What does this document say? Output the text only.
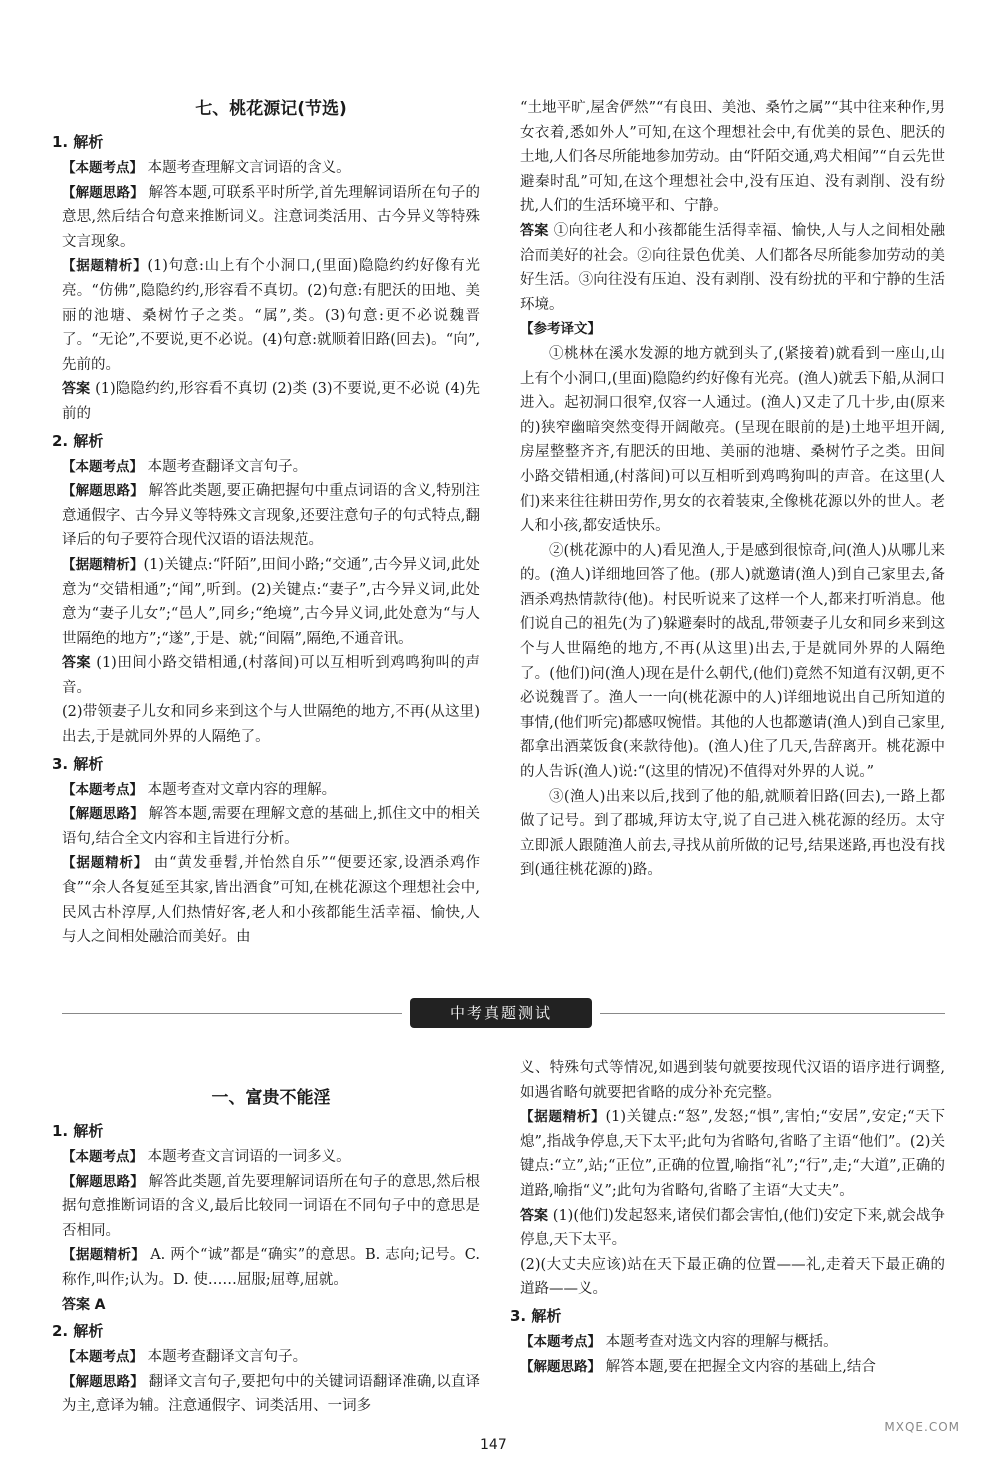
七、桃花源记(节选)
1. 解析

【本题考点】 本题考查理解文言词语的含义。

【解题思路】 解答本题,可联系平时所学,首先理解词语所在句子的意思,然后结合句意来推断词义。注意词类活用、古今异义等特殊文言现象。

【据题精析】(1)句意:山上有个小洞口,(里面)隐隐约约好像有光亮。“仿佛”,隐隐约约,形容看不真切。(2)句意:有肥沃的田地、美丽的池塘、桑树竹子之类。“属”,类。(3)句意:更不必说魏晋了。“无论”,不要说,更不必说。(4)句意:就顺着旧路(回去)。“向”,先前的。

答案 (1)隐隐约约,形容看不真切 (2)类 (3)不要说,更不必说 (4)先前的

2. 解析

【本题考点】 本题考查翻译文言句子。

【解题思路】 解答此类题,要正确把握句中重点词语的含义,特别注意通假字、古今异义等特殊文言现象,还要注意句子的句式特点,翻译后的句子要符合现代汉语的语法规范。

【据题精析】(1)关键点:“阡陌”,田间小路;“交通”,古今异义词,此处意为“交错相通”;“闻”,听到。(2)关键点:“妻子”,古今异义词,此处意为“妻子儿女”;“邑人”,同乡;“绝境”,古今异义词,此处意为“与人世隔绝的地方”;“遂”,于是、就;“间隔”,隔绝,不通音讯。

答案 (1)田间小路交错相通,(村落间)可以互相听到鸡鸣狗叫的声音。

(2)带领妻子儿女和同乡来到这个与人世隔绝的地方,不再(从这里)出去,于是就同外界的人隔绝了。

3. 解析

【本题考点】 本题考查对文章内容的理解。

【解题思路】 解答本题,需要在理解文意的基础上,抓住文中的相关语句,结合全文内容和主旨进行分析。

【据题精析】 由“黄发垂髫,并怡然自乐”“便要还家,设酒杀鸡作食”“余人各复延至其家,皆出酒食”可知,在桃花源这个理想社会中,民风古朴淳厚,人们热情好客,老人和小孩都能生活幸福、愉快,人与人之间相处融洽而美好。由

“土地平旷,屋舍俨然”“有良田、美池、桑竹之属”“其中往来种作,男女衣着,悉如外人”可知,在这个理想社会中,有优美的景色、肥沃的土地,人们各尽所能地参加劳动。由“阡陌交通,鸡犬相闻”“自云先世避秦时乱”可知,在这个理想社会中,没有压迫、没有剥削、没有纷扰,人们的生活环境平和、宁静。

答案 ①向往老人和小孩都能生活得幸福、愉快,人与人之间相处融洽而美好的社会。②向往景色优美、人们都各尽所能参加劳动的美好生活。③向往没有压迫、没有剥削、没有纷扰的平和宁静的生活环境。

【参考译文】

①桃林在溪水发源的地方就到头了,(紧接着)就看到一座山,山上有个小洞口,(里面)隐隐约约好像有光亮。(渔人)就丢下船,从洞口进入。起初洞口很窄,仅容一人通过。(渔人)又走了几十步,由(原来的)狭窄幽暗突然变得开阔敞亮。(呈现在眼前的是)土地平坦开阔,房屋整整齐齐,有肥沃的田地、美丽的池塘、桑树竹子之类。田间小路交错相通,(村落间)可以互相听到鸡鸣狗叫的声音。在这里(人们)来来往往耕田劳作,男女的衣着装束,全像桃花源以外的世人。老人和小孩,都安适快乐。

②(桃花源中的人)看见渔人,于是感到很惊奇,问(渔人)从哪儿来的。(渔人)详细地回答了他。(那人)就邀请(渔人)到自己家里去,备酒杀鸡热情款待(他)。村民听说来了这样一个人,都来打听消息。他们说自己的祖先(为了)躲避秦时的战乱,带领妻子儿女和同乡来到这个与人世隔绝的地方,不再(从这里)出去,于是就同外界的人隔绝了。(他们)问(渔人)现在是什么朝代,(他们)竟然不知道有汉朝,更不必说魏晋了。渔人一一向(桃花源中的人)详细地说出自己所知道的事情,(他们听完)都感叹惋惜。其他的人也都邀请(渔人)到自己家里,都拿出酒菜饭食(来款待他)。(渔人)住了几天,告辞离开。桃花源中的人告诉(渔人)说:“(这里的情况)不值得对外界的人说。”

③(渔人)出来以后,找到了他的船,就顺着旧路(回去),一路上都做了记号。到了郡城,拜访太守,说了自己进入桃花源的经历。太守立即派人跟随渔人前去,寻找从前所做的记号,结果迷路,再也没有找到(通往桃花源的)路。

中考真题测试
一、富贵不能淫
1. 解析

【本题考点】 本题考查文言词语的一词多义。

【解题思路】 解答此类题,首先要理解词语所在句子的意思,然后根据句意推断词语的含义,最后比较同一词语在不同句子中的意思是否相同。

【据题精析】 A. 两个“诚”都是“确实”的意思。B. 志向;记号。C. 称作,叫作;认为。D. 使……屈服;屈尊,屈就。

答案 A

2. 解析

【本题考点】 本题考查翻译文言句子。

【解题思路】 翻译文言句子,要把句中的关键词语翻译准确,以直译为主,意译为辅。注意通假字、词类活用、一词多

义、特殊句式等情况,如遇到装句就要按现代汉语的语序进行调整,如遇省略句就要把省略的成分补充完整。

【据题精析】(1)关键点:“怒”,发怒;“惧”,害怕;“安居”,安定;“天下熄”,指战争停息,天下太平;此句为省略句,省略了主语“他们”。(2)关键点:“立”,站;“正位”,正确的位置,喻指“礼”;“行”,走;“大道”,正确的道路,喻指“义”;此句为省略句,省略了主语“大丈夫”。

答案 (1)(他们)发起怒来,诸侯们都会害怕,(他们)安定下来,就会战争停息,天下太平。

(2)(大丈夫应该)站在天下最正确的位置——礼,走着天下最正确的道路——义。

3. 解析

【本题考点】 本题考查对选文内容的理解与概括。

【解题思路】 解答本题,要在把握全文内容的基础上,结合

147
MXQE.COM
